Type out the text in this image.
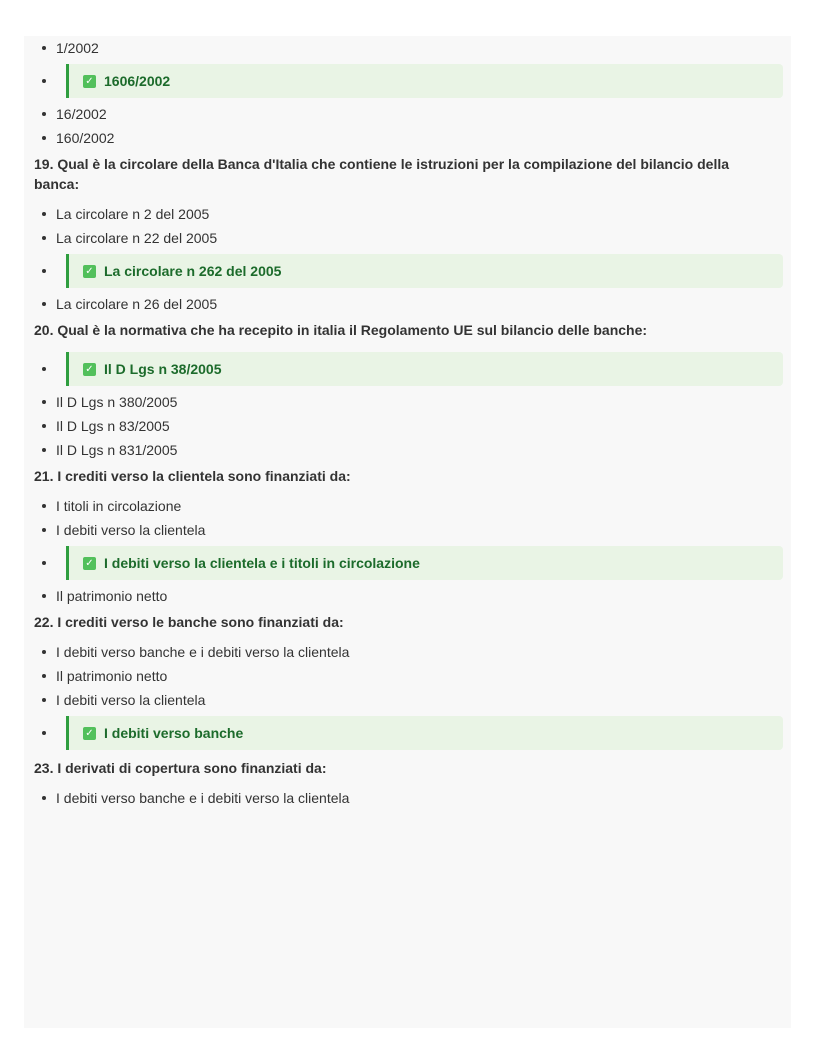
1/2002
✓ 1606/2002
16/2002
160/2002
19. Qual è la circolare della Banca d'Italia che contiene le istruzioni per la compilazione del bilancio della banca:
La circolare n 2 del 2005
La circolare n 22 del 2005
✓ La circolare n 262 del 2005
La circolare n 26 del 2005
20. Qual è la normativa che ha recepito in italia il Regolamento UE sul bilancio delle banche:
✓ Il D Lgs n 38/2005
Il D Lgs n 380/2005
Il D Lgs n 83/2005
Il D Lgs n 831/2005
21. I crediti verso la clientela sono finanziati da:
I titoli in circolazione
I debiti verso la clientela
✓ I debiti verso la clientela e i titoli in circolazione
Il patrimonio netto
22. I crediti verso le banche sono finanziati da:
I debiti verso banche e i debiti verso la clientela
Il patrimonio netto
I debiti verso la clientela
✓ I debiti verso banche
23. I derivati di copertura sono finanziati da:
I debiti verso banche e i debiti verso la clientela
